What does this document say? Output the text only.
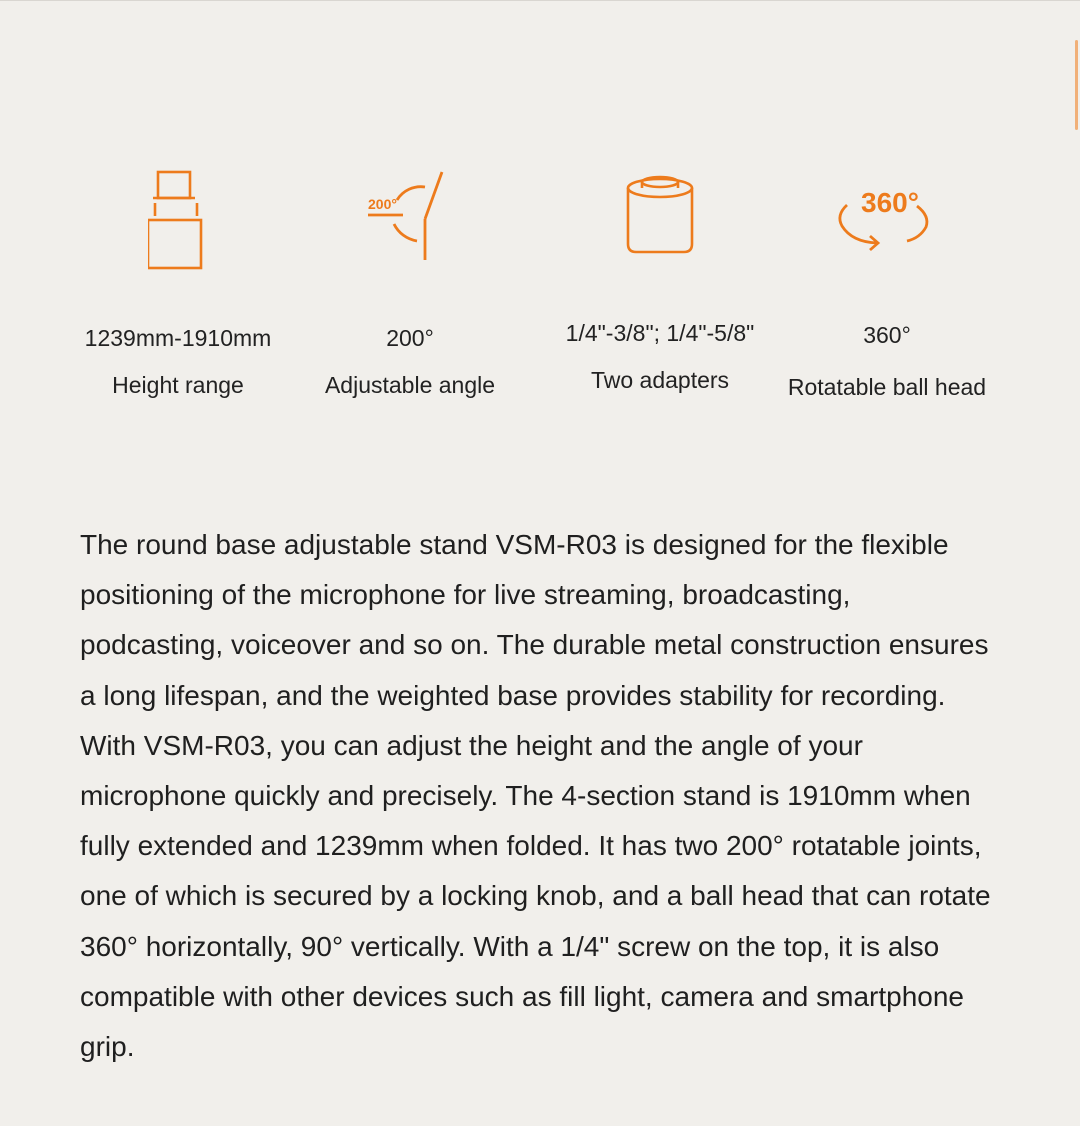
1239mm-1910mm
Height range
200°
200°
Adjustable angle
1/4"-3/8"; 1/4"-5/8"
Two adapters
360°
360°
Rotatable ball head

The round base adjustable stand VSM-R03 is designed for the flexible positioning of the microphone for live streaming, broadcasting, podcasting, voiceover and so on. The durable metal construction ensures a long lifespan, and the weighted base provides stability for recording.

With VSM-R03, you can adjust the height and the angle of your microphone quickly and precisely. The 4-section stand is 1910mm when fully extended and 1239mm when folded. It has two 200° rotatable joints, one of which is secured by a locking knob, and a ball head that can rotate 360° horizontally, 90° vertically. With a 1/4" screw on the top, it is also compatible with other devices such as fill light, camera and smartphone grip.
